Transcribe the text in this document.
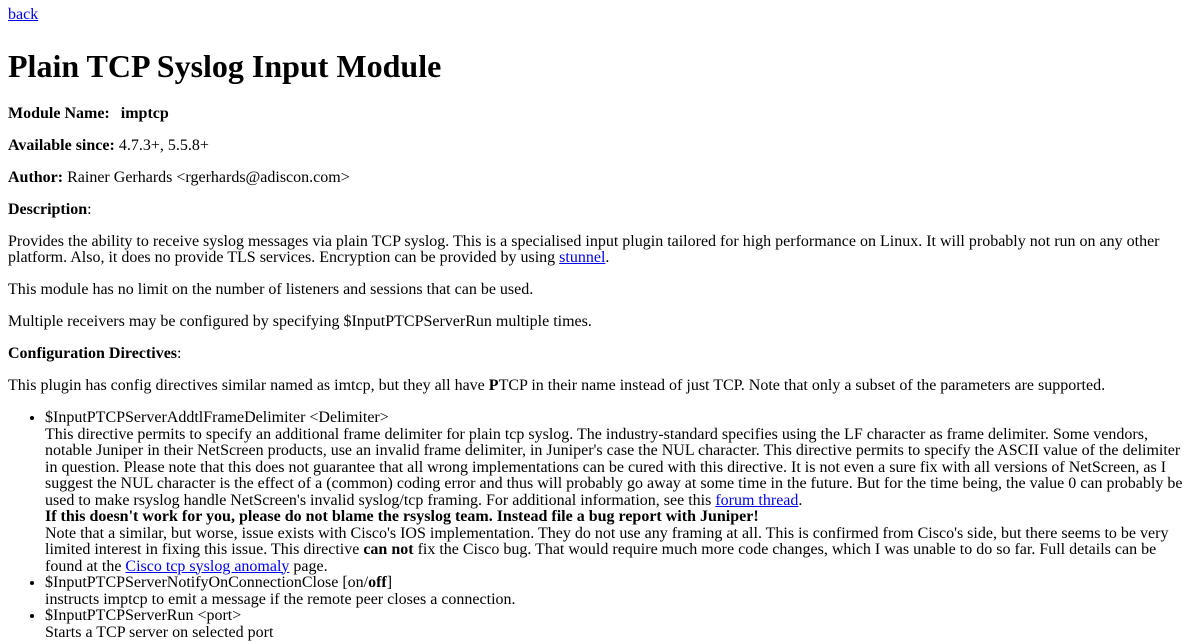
back
Plain TCP Syslog Input Module

Module Name: imptcp

Available since: 4.7.3+, 5.5.8+

Author: Rainer Gerhards <rgerhards@adiscon.com>

Description:

Provides the ability to receive syslog messages via plain TCP syslog. This is a specialised input plugin tailored for high performance on Linux. It will probably not run on any other platform. Also, it does no provide TLS services. Encryption can be provided by using stunnel.

This module has no limit on the number of listeners and sessions that can be used.

Multiple receivers may be configured by specifying $InputPTCPServerRun multiple times.

Configuration Directives:

This plugin has config directives similar named as imtcp, but they all have PTCP in their name instead of just TCP. Note that only a subset of the parameters are supported.

• $InputPTCPServerAddtlFrameDelimiter <Delimiter>
This directive permits to specify an additional frame delimiter for plain tcp syslog. The industry-standard specifies using the LF character as frame delimiter. Some vendors, notable Juniper in their NetScreen products, use an invalid frame delimiter, in Juniper's case the NUL character. This directive permits to specify the ASCII value of the delimiter in question. Please note that this does not guarantee that all wrong implementations can be cured with this directive. It is not even a sure fix with all versions of NetScreen, as I suggest the NUL character is the effect of a (common) coding error and thus will probably go away at some time in the future. But for the time being, the value 0 can probably be used to make rsyslog handle NetScreen's invalid syslog/tcp framing. For additional information, see this forum thread.
If this doesn't work for you, please do not blame the rsyslog team. Instead file a bug report with Juniper!
Note that a similar, but worse, issue exists with Cisco's IOS implementation. They do not use any framing at all. This is confirmed from Cisco's side, but there seems to be very limited interest in fixing this issue. This directive can not fix the Cisco bug. That would require much more code changes, which I was unable to do so far. Full details can be found at the Cisco tcp syslog anomaly page.
• $InputPTCPServerNotifyOnConnectionClose [on/off]
instructs imptcp to emit a message if the remote peer closes a connection.
• $InputPTCPServerRun <port>
Starts a TCP server on selected port
